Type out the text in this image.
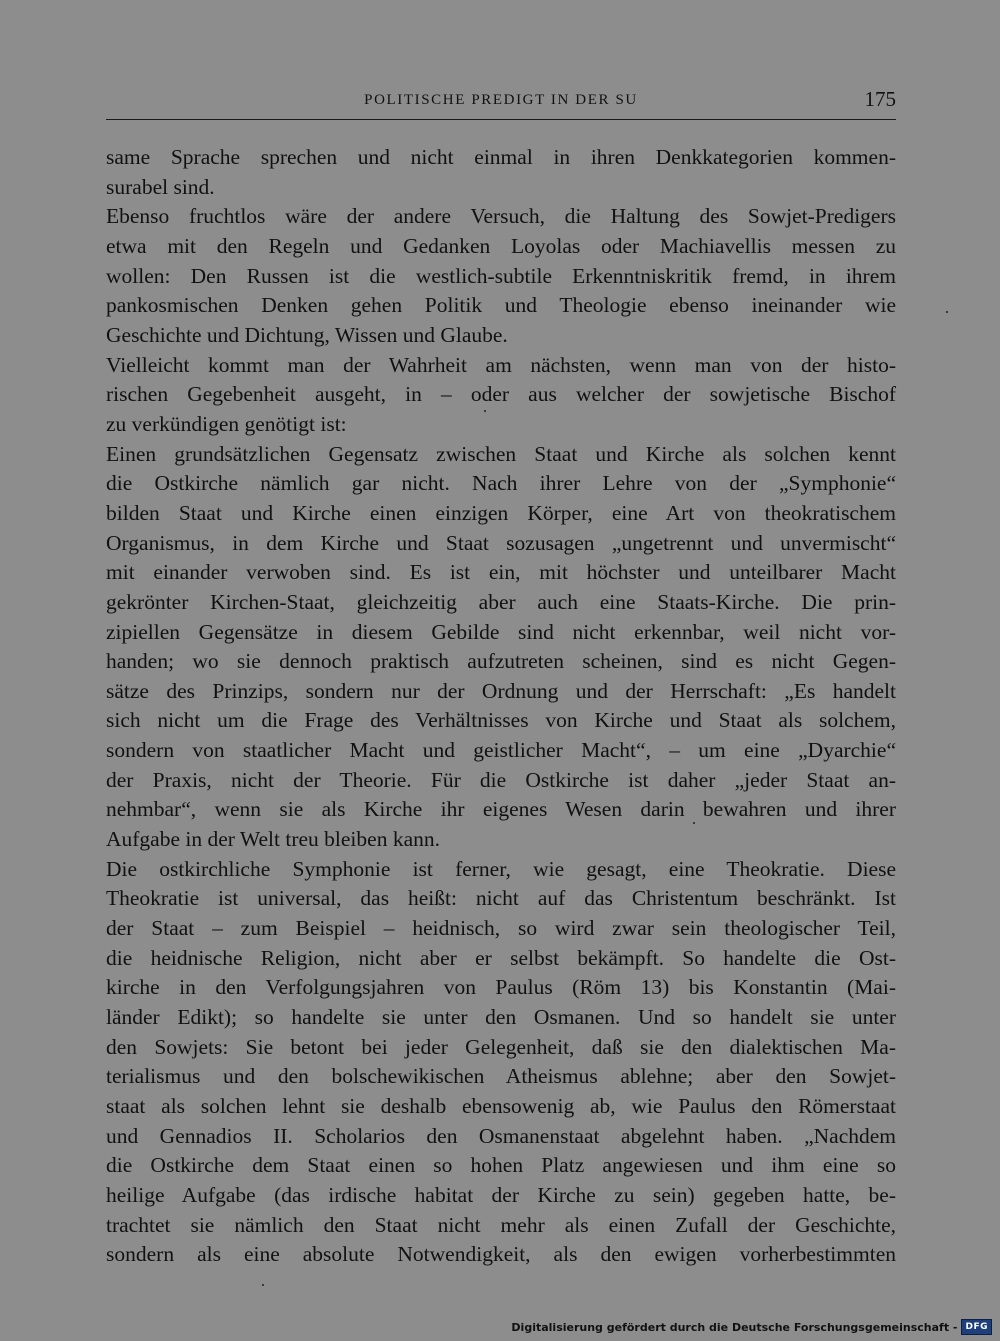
POLITISCHE PREDIGT IN DER SU	175
same Sprache sprechen und nicht einmal in ihren Denkkategorien kommen-
surabel sind.
Ebenso fruchtlos wäre der andere Versuch, die Haltung des Sowjet-Predigers
etwa mit den Regeln und Gedanken Loyolas oder Machiavellis messen zu
wollen: Den Russen ist die westlich-subtile Erkenntniskritik fremd, in ihrem
pankosmischen Denken gehen Politik und Theologie ebenso ineinander wie
Geschichte und Dichtung, Wissen und Glaube.
Vielleicht kommt man der Wahrheit am nächsten, wenn man von der histo-
rischen Gegebenheit ausgeht, in – oder aus welcher der sowjetische Bischof
zu verkündigen genötigt ist:
Einen grundsätzlichen Gegensatz zwischen Staat und Kirche als solchen kennt
die Ostkirche nämlich gar nicht. Nach ihrer Lehre von der „Symphonie“
bilden Staat und Kirche einen einzigen Körper, eine Art von theokratischem
Organismus, in dem Kirche und Staat sozusagen „ungetrennt und unvermischt“
mit einander verwoben sind. Es ist ein, mit höchster und unteilbarer Macht
gekrönter Kirchen-Staat, gleichzeitig aber auch eine Staats-Kirche. Die prin-
zipiellen Gegensätze in diesem Gebilde sind nicht erkennbar, weil nicht vor-
handen; wo sie dennoch praktisch aufzutreten scheinen, sind es nicht Gegen-
sätze des Prinzips, sondern nur der Ordnung und der Herrschaft: „Es handelt
sich nicht um die Frage des Verhältnisses von Kirche und Staat als solchem,
sondern von staatlicher Macht und geistlicher Macht“, – um eine „Dyarchie“
der Praxis, nicht der Theorie. Für die Ostkirche ist daher „jeder Staat an-
nehmbar“, wenn sie als Kirche ihr eigenes Wesen darin bewahren und ihrer
Aufgabe in der Welt treu bleiben kann.
Die ostkirchliche Symphonie ist ferner, wie gesagt, eine Theokratie. Diese
Theokratie ist universal, das heißt: nicht auf das Christentum beschränkt. Ist
der Staat – zum Beispiel – heidnisch, so wird zwar sein theologischer Teil,
die heidnische Religion, nicht aber er selbst bekämpft. So handelte die Ost-
kirche in den Verfolgungsjahren von Paulus (Röm 13) bis Konstantin (Mai-
länder Edikt); so handelte sie unter den Osmanen. Und so handelt sie unter
den Sowjets: Sie betont bei jeder Gelegenheit, daß sie den dialektischen Ma-
terialismus und den bolschewikischen Atheismus ablehne; aber den Sowjet-
staat als solchen lehnt sie deshalb ebensowenig ab, wie Paulus den Römerstaat
und Gennadios II. Scholarios den Osmanenstaat abgelehnt haben. „Nachdem
die Ostkirche dem Staat einen so hohen Platz angewiesen und ihm eine so
heilige Aufgabe (das irdische habitat der Kirche zu sein) gegeben hatte, be-
trachtet sie nämlich den Staat nicht mehr als einen Zufall der Geschichte,
sondern als eine absolute Notwendigkeit, als den ewigen vorherbestimmten
Digitalisierung gefördert durch die Deutsche Forschungsgemeinschaft - DFG
